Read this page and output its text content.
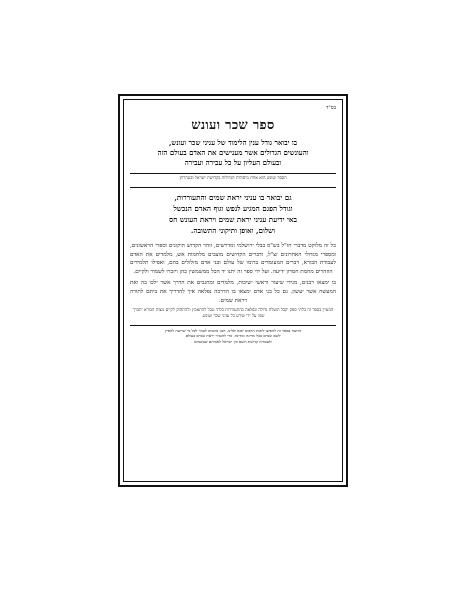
בס"ד
ספר שכר ועונש
בו יבואר גודל ענין הלימוד של עניני שכר ועונש,
והעונשים הגדולים אשר מענישים את האדם בעולם הזה
ובעולם העליון על כל עבירה ועבירה
הספר ועונש הוא אחת מיסודות הגדולות בקדושת ישראל ובטהרתן
גם יבואר בו עניני יראת שמים והתעוררות,
וגודל הפגם המגיע לנפש וגוף האדם הנכשל
באי ידיעת עניני יראת שמים ויראת העונש חס
ושלום, ואופן ותיקוני התשובה.

כל זה מלוקט מדברי חז"ל בש"ס בבלי ירושלמי ומדרשים, זוהר הקדוש תיקונים וספרי הראשונים, ומספרי מגדולי האחרונים זצ"ל, ודברים הקדושים מוצבים מלחמות אש, מלמדים את האדם לעבודת הבורא, דברים המעומדים ברומו של עולם ובני אדם מזלזלים בהם, ואפילו תלמידים הוזהרים מחמת חסרון ידיעה. ועל ידי ספר זה יתנו יד הכל ממשמשין בהן ויזכרו לשמור ולקיים.

בו ימצאו רבנים, מגידי שיעור וראשי ישיבות, מלמדים ומחנכים את הדרך אשר ילכו בה ואת המעשה אשר יעשון. גם כל בני אדם ימצאו בו הדרכה נפלאה איך להדריך את ביתם לתורה ויראת שמים.

המעיין בספר זה בלתי ספק יקבל תועלת גדולה ונפלאה בהתעוררות בלתי נגבל להתאמץ ולהתחזק לקיים מצות הבורא יתברך שמו על ידי שידע כל עניני שכר ועונש.
הרוצה בספר זה להפיצו לזכות הרבים יפנה אלינו, הננו מוכנים לעזור לכל מי שרוצה להפיץ
לשם שמים בכל מדינה ומדינה, כדי להגביר יראת שמים בעולם
ולעבודת קדושת השם בין ישראל לאביהם שבשמים
